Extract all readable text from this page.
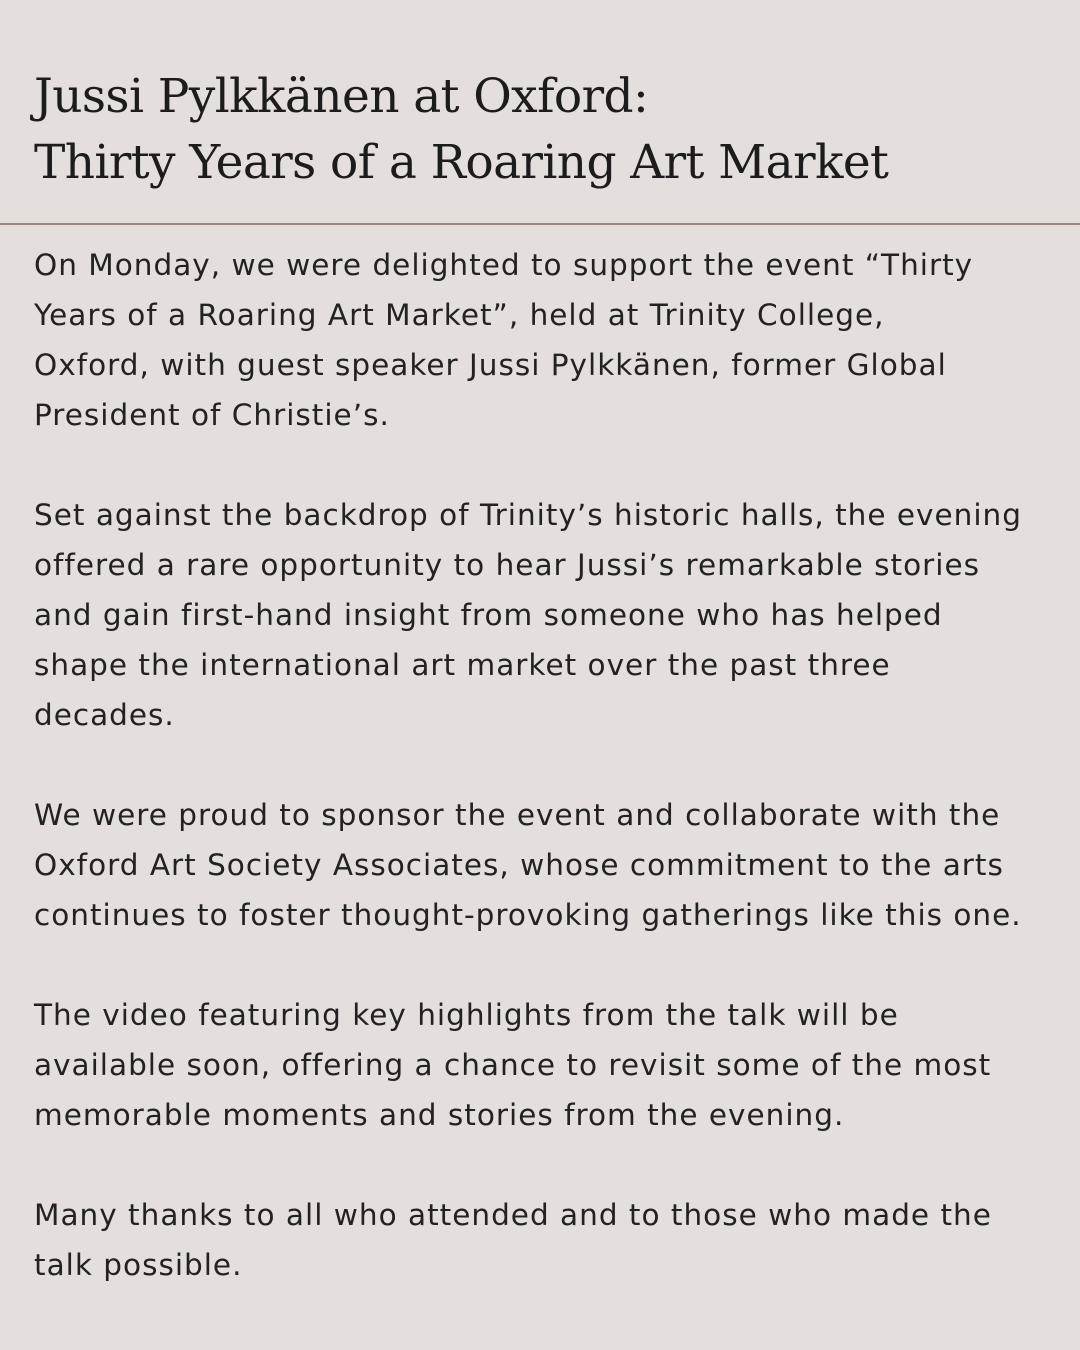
Jussi Pylkkänen at Oxford:
Thirty Years of a Roaring Art Market

On Monday, we were delighted to support the event “Thirty
Years of a Roaring Art Market”, held at Trinity College,
Oxford, with guest speaker Jussi Pylkkänen, former Global
President of Christie’s.

Set against the backdrop of Trinity’s historic halls, the evening
offered a rare opportunity to hear Jussi’s remarkable stories
and gain first-hand insight from someone who has helped
shape the international art market over the past three
decades.

We were proud to sponsor the event and collaborate with the
Oxford Art Society Associates, whose commitment to the arts
continues to foster thought-provoking gatherings like this one.

The video featuring key highlights from the talk will be
available soon, offering a chance to revisit some of the most
memorable moments and stories from the evening.

Many thanks to all who attended and to those who made the
talk possible.
